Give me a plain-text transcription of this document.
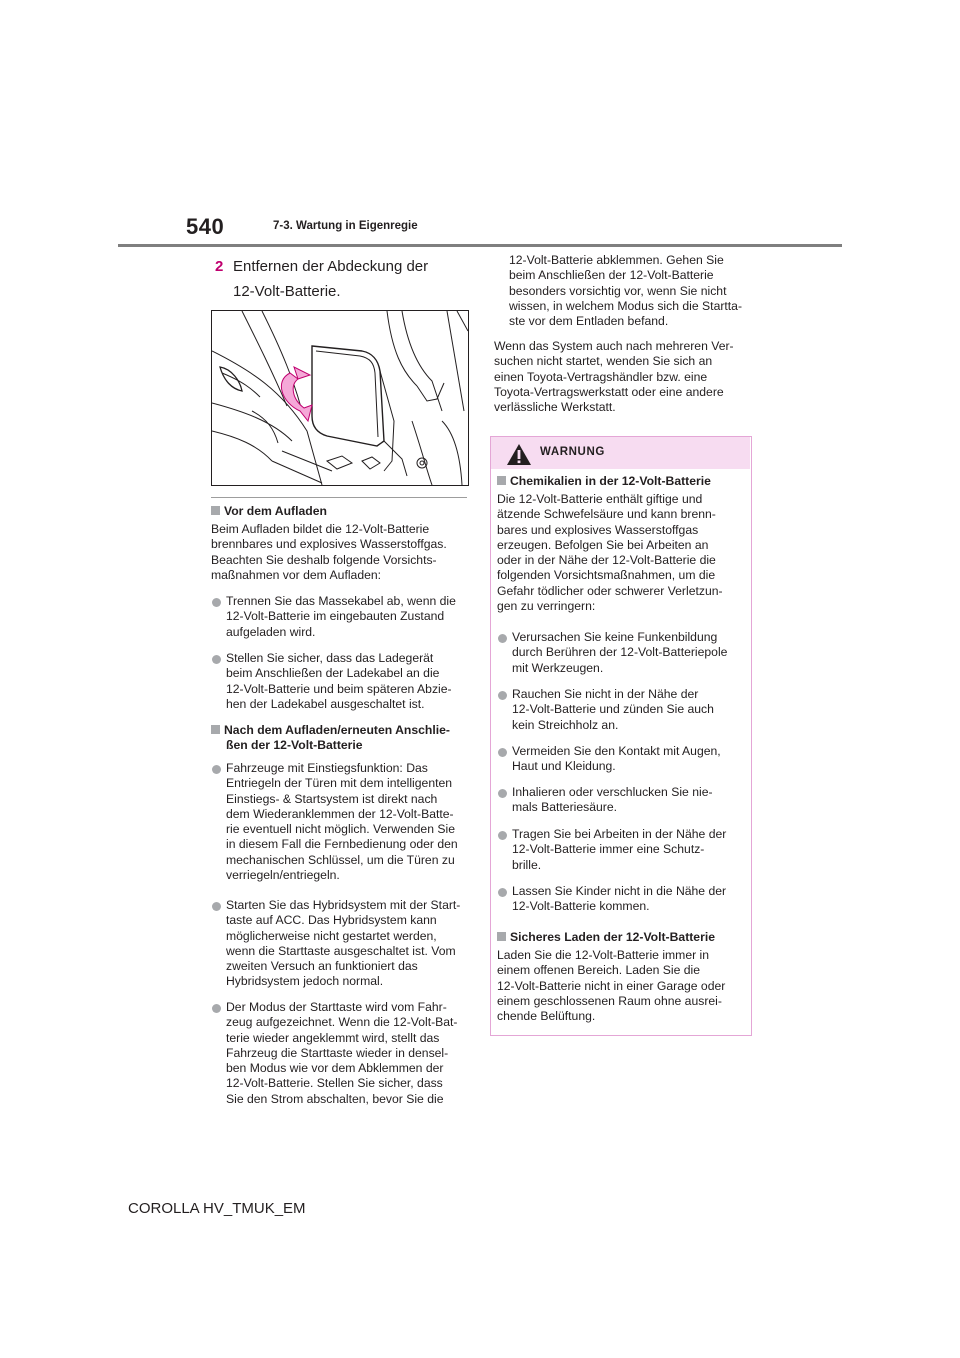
540	7-3. Wartung in Eigenregie
2 Entfernen der Abdeckung der
12-Volt-Batterie.
Vor dem Aufladen
Beim Aufladen bildet die 12-Volt-Batterie
brennbares und explosives Wasserstoffgas.
Beachten Sie deshalb folgende Vorsichts-
maßnahmen vor dem Aufladen:
Trennen Sie das Massekabel ab, wenn die
12-Volt-Batterie im eingebauten Zustand
aufgeladen wird.
Stellen Sie sicher, dass das Ladegerät
beim Anschließen der Ladekabel an die
12-Volt-Batterie und beim späteren Abzie-
hen der Ladekabel ausgeschaltet ist.
Nach dem Aufladen/erneuten Anschlie-
ßen der 12-Volt-Batterie
Fahrzeuge mit Einstiegsfunktion: Das
Entriegeln der Türen mit dem intelligenten
Einstiegs- & Startsystem ist direkt nach
dem Wiederanklemmen der 12-Volt-Batte-
rie eventuell nicht möglich. Verwenden Sie
in diesem Fall die Fernbedienung oder den
mechanischen Schlüssel, um die Türen zu
verriegeln/entriegeln.
Starten Sie das Hybridsystem mit der Start-
taste auf ACC. Das Hybridsystem kann
möglicherweise nicht gestartet werden,
wenn die Starttaste ausgeschaltet ist. Vom
zweiten Versuch an funktioniert das
Hybridsystem jedoch normal.
Der Modus der Starttaste wird vom Fahr-
zeug aufgezeichnet. Wenn die 12-Volt-Bat-
terie wieder angeklemmt wird, stellt das
Fahrzeug die Starttaste wieder in densel-
ben Modus wie vor dem Abklemmen der
12-Volt-Batterie. Stellen Sie sicher, dass
Sie den Strom abschalten, bevor Sie die
12-Volt-Batterie abklemmen. Gehen Sie
beim Anschließen der 12-Volt-Batterie
besonders vorsichtig vor, wenn Sie nicht
wissen, in welchem Modus sich die Startta-
ste vor dem Entladen befand.
Wenn das System auch nach mehreren Ver-
suchen nicht startet, wenden Sie sich an
einen Toyota-Vertragshändler bzw. eine
Toyota-Vertragswerkstatt oder eine andere
verlässliche Werkstatt.
WARNUNG
Chemikalien in der 12-Volt-Batterie
Die 12-Volt-Batterie enthält giftige und
ätzende Schwefelsäure und kann brenn-
bares und explosives Wasserstoffgas
erzeugen. Befolgen Sie bei Arbeiten an
oder in der Nähe der 12-Volt-Batterie die
folgenden Vorsichtsmaßnahmen, um die
Gefahr tödlicher oder schwerer Verletzun-
gen zu verringern:
Verursachen Sie keine Funkenbildung
durch Berühren der 12-Volt-Batteriepole
mit Werkzeugen.
Rauchen Sie nicht in der Nähe der
12-Volt-Batterie und zünden Sie auch
kein Streichholz an.
Vermeiden Sie den Kontakt mit Augen,
Haut und Kleidung.
Inhalieren oder verschlucken Sie nie-
mals Batteriesäure.
Tragen Sie bei Arbeiten in der Nähe der
12-Volt-Batterie immer eine Schutz-
brille.
Lassen Sie Kinder nicht in die Nähe der
12-Volt-Batterie kommen.
Sicheres Laden der 12-Volt-Batterie
Laden Sie die 12-Volt-Batterie immer in
einem offenen Bereich. Laden Sie die
12-Volt-Batterie nicht in einer Garage oder
einem geschlossenen Raum ohne ausrei-
chende Belüftung.
COROLLA HV_TMUK_EM
